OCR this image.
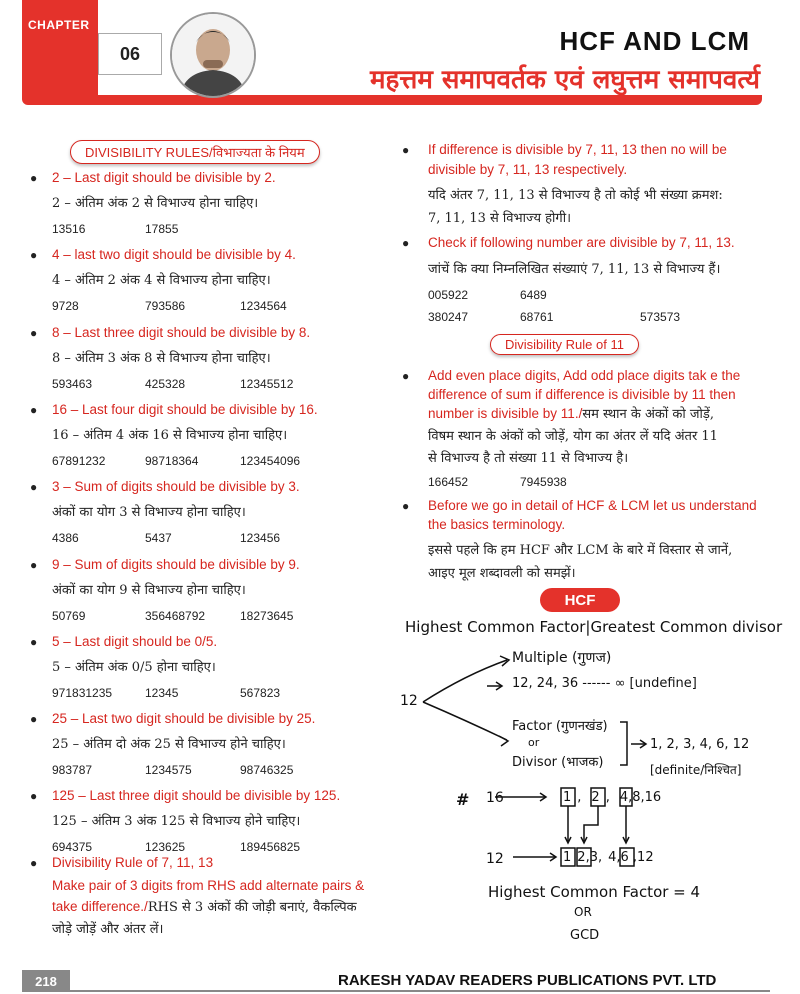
CHAPTER
06	HCF AND LCM
महत्तम समापवर्तक एवं लघुत्तम समापवर्त्य
DIVISIBILITY RULES/विभाज्यता के नियम
● 2 – Last digit should be divisible by 2.
2 – अंतिम अंक 2 से विभाज्य होना चाहिए।
13516	17855
● 4 – last two digit should be divisible by 4.
4 – अंतिम 2 अंक 4 से विभाज्य होना चाहिए।
9728	793586	1234564
● 8 – Last three digit should be divisible by 8.
8 – अंतिम 3 अंक 8 से विभाज्य होना चाहिए।
593463	425328	12345512
● 16 – Last four digit should be divisible by 16.
16 – अंतिम 4 अंक 16 से विभाज्य होना चाहिए।
67891232	98718364	123454096
● 3 – Sum of digits should be divisible by 3.
अंकों का योग 3 से विभाज्य होना चाहिए।
4386	5437	123456
● 9 – Sum of digits should be divisible by 9.
अंकों का योग 9 से विभाज्य होना चाहिए।
50769	356468792	18273645
● 5 – Last digit should be 0/5.
5 – अंतिम अंक 0/5 होना चाहिए।
971831235	12345	567823
● 25 – Last two digit should be divisible by 25.
25 – अंतिम दो अंक 25 से विभाज्य होने चाहिए।
983787	1234575	98746325
● 125 – Last three digit should be divisible by 125.
125 – अंतिम 3 अंक 125 से विभाज्य होने चाहिए।
694375	123625	189456825
● Divisibility Rule of 7, 11, 13
Make pair of 3 digits from RHS add alternate pairs &
take difference./RHS से 3 अंकों की जोड़ी बनाएं, वैकल्पिक
जोड़े जोड़ें और अंतर लें।
● If difference is divisible by 7, 11, 13 then no will be
divisible by 7, 11, 13 respectively.
यदि अंतर 7, 11, 13 से विभाज्य है तो कोई भी संख्या क्रमश:
7, 11, 13 से विभाज्य होगी।
● Check if following number are divisible by 7, 11, 13.
जांचें कि क्या निम्नलिखित संख्याएं 7, 11, 13 से विभाज्य हैं।
005922	6489
380247	68761	573573
Divisibility Rule of 11
● Add even place digits, Add odd place digits tak e the
difference of sum if difference is divisible by 11 then
number is divisible by 11./सम स्थान के अंकों को जोड़ें,
विषम स्थान के अंकों को जोड़ें, योग का अंतर लें यदि अंतर 11
से विभाज्य है तो संख्या 11 से विभाज्य है।
166452	7945938
● Before we go in detail of HCF & LCM let us understand
the basics terminology.
इससे पहले कि हम HCF और LCM के बारे में विस्तार से जानें,
आइए मूल शब्दावली को समझें।
HCF
Highest Common Factor|Greatest Common divisor
12
Multiple (गुणज)
12, 24, 36 ------ ∞ [undefine]
Factor (गुणनखंड)
or
Divisor (भाजक)
1, 2, 3, 4, 6, 12
[definite/निश्चित]
# 16	1 , 2 , 4,8,16
12	1 2,3, 4,6 ,12
Highest Common Factor = 4
OR
GCD
218	RAKESH YADAV READERS PUBLICATIONS PVT. LTD
